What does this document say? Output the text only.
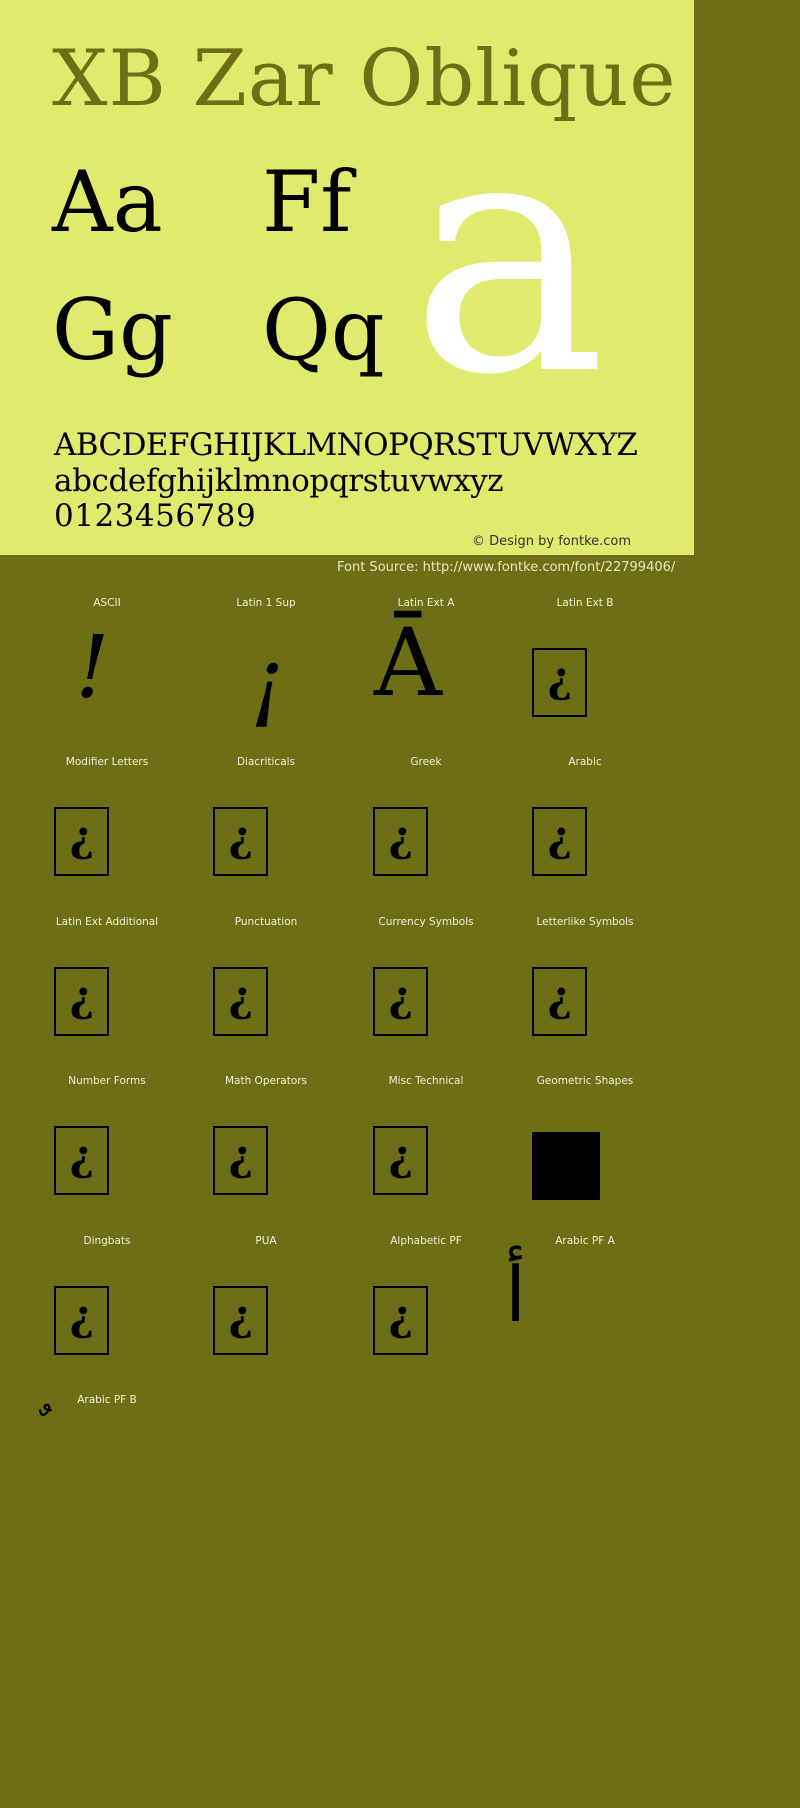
XB Zar Oblique
Aa Ff
Gg Qq a
ABCDEFGHIJKLMNOPQRSTUVWXYZ
abcdefghijklmnopqrstuvwxyz
0123456789
© Design by fontke.com
Font Source: http://www.fontke.com/font/22799406/
ASCII
!
Latin 1 Sup
¡
Latin Ext A
Ā
Latin Ext B
?
Modifier Letters
?
Diacriticals
?
Greek
?
Arabic
?
Latin Ext Additional
?
Punctuation
?
Currency Symbols
?
Letterlike Symbols
?
Number Forms
?
Math Operators
?
Misc Technical
?
Geometric Shapes
Dingbats
?
PUA
?
Alphabetic PF
?
Arabic PF A
أ
Arabic PF B
ﹲ
